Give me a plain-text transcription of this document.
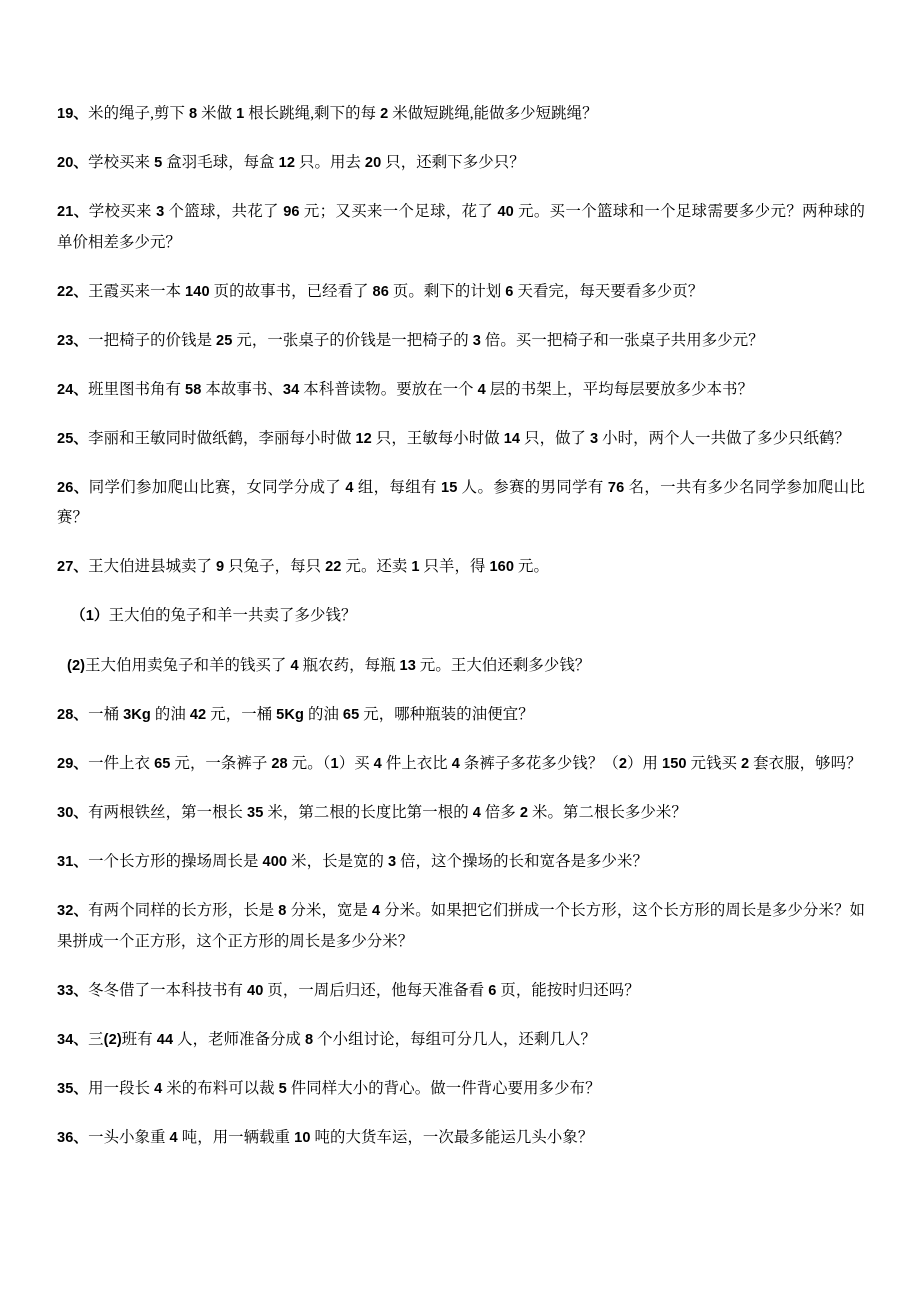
19、米的绳子,剪下 8 米做 1 根长跳绳,剩下的每 2 米做短跳绳,能做多少短跳绳？

20、学校买来 5 盒羽毛球，每盒 12 只。用去 20 只，还剩下多少只？

21、学校买来 3 个篮球，共花了 96 元；又买来一个足球，花了 40 元。买一个篮球和一个足球需要多少元？两种球的单价相差多少元？

22、王霞买来一本 140 页的故事书，已经看了 86 页。剩下的计划 6 天看完，每天要看多少页？

23、一把椅子的价钱是 25 元，一张桌子的价钱是一把椅子的 3 倍。买一把椅子和一张桌子共用多少元？

24、班里图书角有 58 本故事书、34 本科普读物。要放在一个 4 层的书架上，平均每层要放多少本书？

25、李丽和王敏同时做纸鹤，李丽每小时做 12 只，王敏每小时做 14 只，做了 3 小时，两个人一共做了多少只纸鹤？

26、同学们参加爬山比赛，女同学分成了 4 组，每组有 15 人。参赛的男同学有 76 名，一共有多少名同学参加爬山比赛？

27、王大伯进县城卖了 9 只兔子，每只 22 元。还卖 1 只羊，得 160 元。

（1）王大伯的兔子和羊一共卖了多少钱？

(2)王大伯用卖兔子和羊的钱买了 4 瓶农药，每瓶 13 元。王大伯还剩多少钱？

28、一桶 3Kg 的油 42 元，一桶 5Kg 的油 65 元，哪种瓶装的油便宜？

29、一件上衣 65 元，一条裤子 28 元。（1）买 4 件上衣比 4 条裤子多花多少钱？（2）用 150 元钱买 2 套衣服，够吗？

30、有两根铁丝，第一根长 35 米，第二根的长度比第一根的 4 倍多 2 米。第二根长多少米？

31、一个长方形的操场周长是 400 米，长是宽的 3 倍，这个操场的长和宽各是多少米？

32、有两个同样的长方形，长是 8 分米，宽是 4 分米。如果把它们拼成一个长方形，这个长方形的周长是多少分米？如果拼成一个正方形，这个正方形的周长是多少分米？

33、冬冬借了一本科技书有 40 页，一周后归还，他每天准备看 6 页，能按时归还吗？

34、三(2)班有 44 人，老师准备分成 8 个小组讨论，每组可分几人，还剩几人？

35、用一段长 4 米的布料可以裁 5 件同样大小的背心。做一件背心要用多少布？

36、一头小象重 4 吨，用一辆载重 10 吨的大货车运，一次最多能运几头小象？
